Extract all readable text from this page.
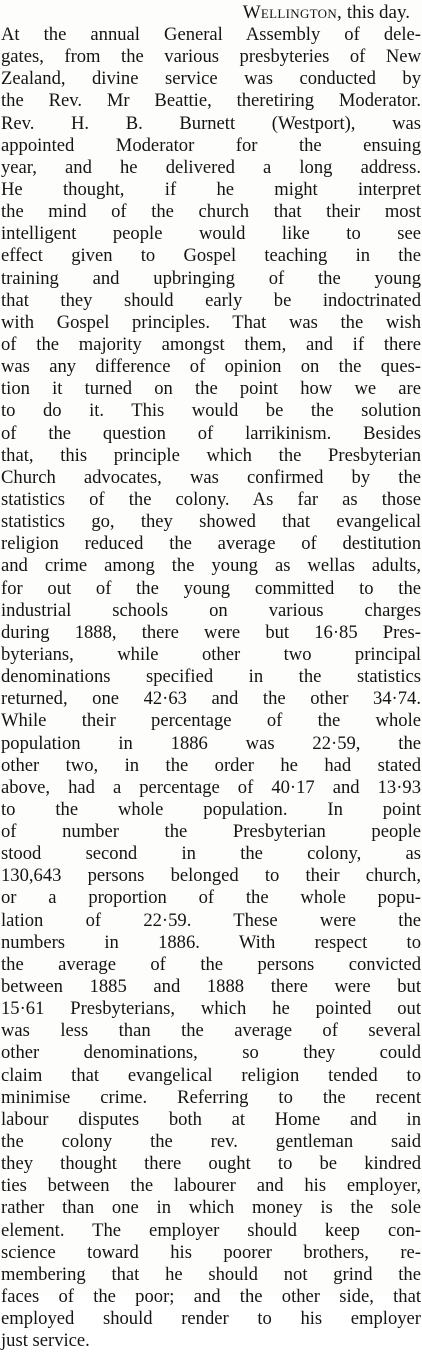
Wellington, this day.
At the annual General Assembly of dele-
gates, from the various presbyteries of New
Zealand, divine service was conducted by
the Rev. Mr Beattie, theretiring Moderator.
Rev. H. B. Burnett (Westport), was
appointed Moderator for the ensuing
year, and he delivered a long address.
He thought, if he might interpret
the mind of the church that their most
intelligent people would like to see
effect given to Gospel teaching in the
training and upbringing of the young
that they should early be indoctrinated
with Gospel principles. That was the wish
of the majority amongst them, and if there
was any difference of opinion on the ques-
tion it turned on the point how we are
to do it. This would be the solution
of the question of larrikinism. Besides
that, this principle which the Presbyterian
Church advocates, was confirmed by the
statistics of the colony. As far as those
statistics go, they showed that evangelical
religion reduced the average of destitution
and crime among the young as wellas adults,
for out of the young committed to the
industrial schools on various charges
during 1888, there were but 16·85 Pres-
byterians, while other two principal
denominations specified in the statistics
returned, one 42·63 and the other 34·74.
While their percentage of the whole
population in 1886 was 22·59, the
other two, in the order he had stated
above, had a percentage of 40·17 and 13·93
to the whole population. In point
of number the Presbyterian people
stood second in the colony, as
130,643 persons belonged to their church,
or a proportion of the whole popu-
lation of 22·59. These were the
numbers in 1886. With respect to
the average of the persons convicted
between 1885 and 1888 there were but
15·61 Presbyterians, which he pointed out
was less than the average of several
other denominations, so they could
claim that evangelical religion tended to
minimise crime. Referring to the recent
labour disputes both at Home and in
the colony the rev. gentleman said
they thought there ought to be kindred
ties between the labourer and his employer,
rather than one in which money is the sole
element. The employer should keep con-
science toward his poorer brothers, re-
membering that he should not grind the
faces of the poor; and the other side, that
employed should render to his employer
just service.
